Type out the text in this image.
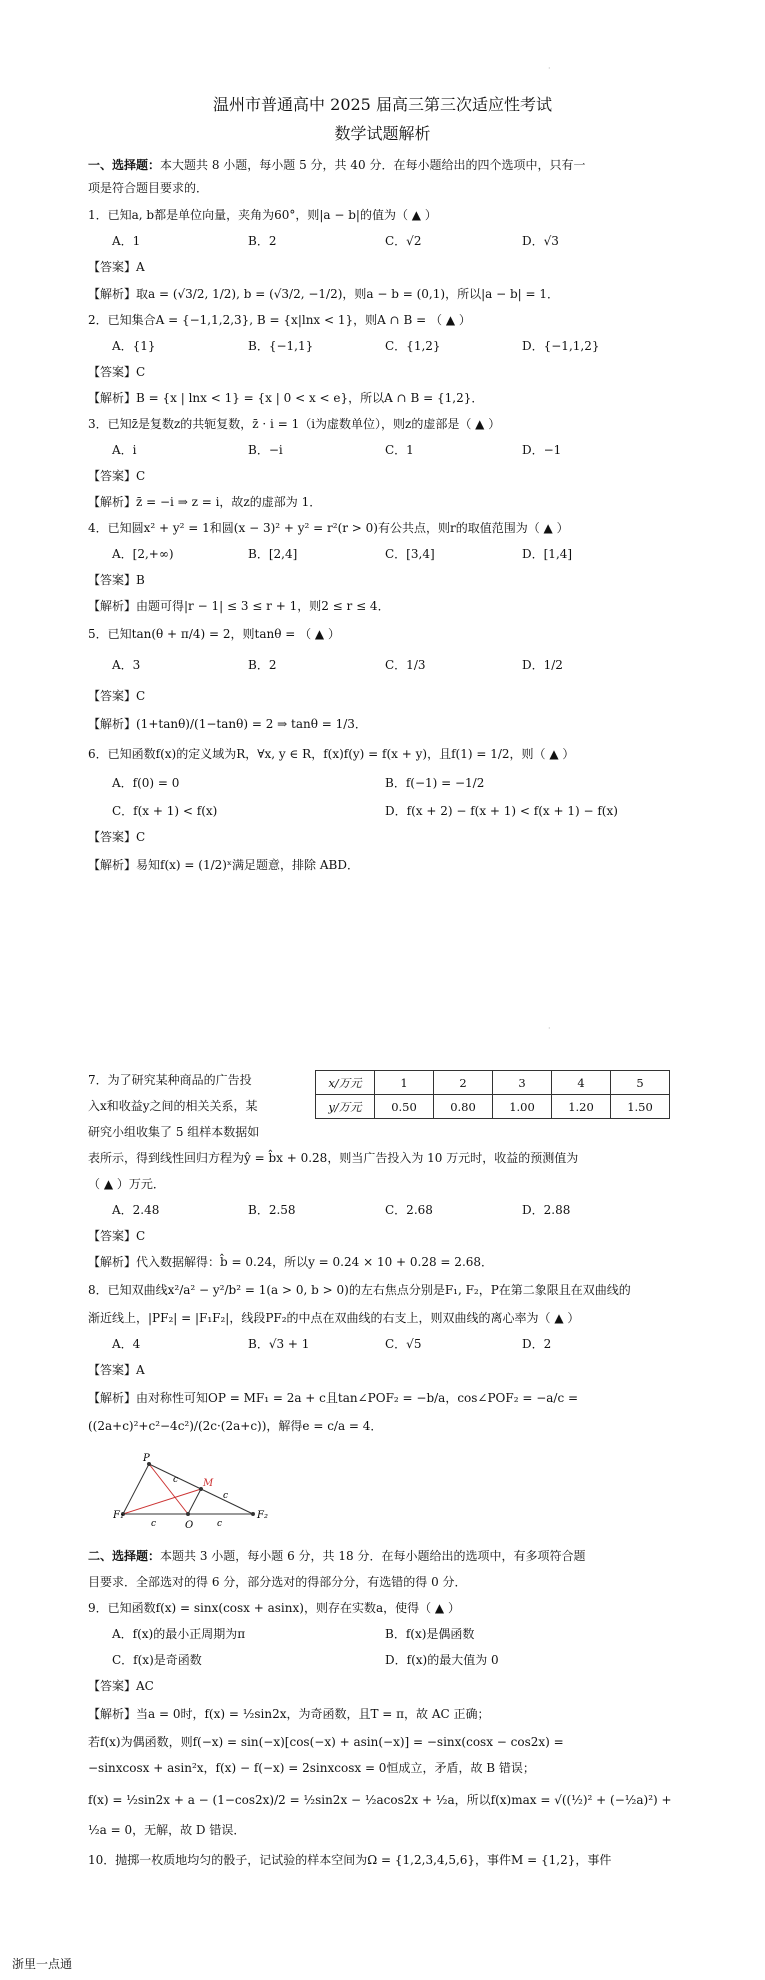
·
温州市普通高中 2025 届高三第三次适应性考试
数学试题解析
一、选择题：本大题共 8 小题，每小题 5 分，共 40 分．在每小题给出的四个选项中，只有一
项是符合题目要求的．
1．已知a, b都是单位向量，夹角为60°，则|a − b|的值为（ ▲ ）
A．1	B．2	C．√2	D．√3
【答案】A
【解析】取a = (√3/2, 1/2), b = (√3/2, −1/2)，则a − b = (0,1)，所以|a − b| = 1．
2．已知集合A = {−1,1,2,3}, B = {x|lnx < 1}，则A ∩ B = （ ▲ ）
A．{1}	B．{−1,1}	C．{1,2}	D．{−1,1,2}
【答案】C
【解析】B = {x | lnx < 1} = {x | 0 < x < e}，所以A ∩ B = {1,2}．
3．已知z̄是复数z的共轭复数，z̄ · i = 1（i为虚数单位），则z的虚部是（ ▲ ）
A．i	B．−i	C．1	D．−1
【答案】C
【解析】z̄ = −i ⇒ z = i，故z的虚部为 1．
4．已知圆x² + y² = 1和圆(x − 3)² + y² = r²(r > 0)有公共点，则r的取值范围为（ ▲ ）
A．[2,+∞)	B．[2,4]	C．[3,4]	D．[1,4]
【答案】B
【解析】由题可得|r − 1| ≤ 3 ≤ r + 1，则2 ≤ r ≤ 4．
5．已知tan(θ + π/4) = 2，则tanθ = （ ▲ ）
A．3	B．2	C．1/3	D．1/2
【答案】C
【解析】(1+tanθ)/(1−tanθ) = 2 ⇒ tanθ = 1/3．
6．已知函数f(x)的定义域为R，∀x, y ∈ R，f(x)f(y) = f(x + y)，且f(1) = 1/2，则（ ▲ ）
A．f(0) = 0	B．f(−1) = −1/2
C．f(x + 1) < f(x)	D．f(x + 2) − f(x + 1) < f(x + 1) − f(x)
【答案】C
【解析】易知f(x) = (1/2)ˣ满足题意，排除 ABD．
·
7．为了研究某种商品的广告投
入x和收益y之间的相关关系，某
研究小组收集了 5 组样本数据如
x/万元	1	2	3	4	5
y/万元	0.50	0.80	1.00	1.20	1.50
表所示，得到线性回归方程为ŷ = b̂x + 0.28，则当广告投入为 10 万元时，收益的预测值为
（ ▲ ）万元．
A．2.48	B．2.58	C．2.68	D．2.88
【答案】C
【解析】代入数据解得：b̂ = 0.24，所以y = 0.24 × 10 + 0.28 = 2.68．
8．已知双曲线x²/a² − y²/b² = 1(a > 0, b > 0)的左右焦点分别是F₁, F₂，P在第二象限且在双曲线的
渐近线上，|PF₂| = |F₁F₂|，线段PF₂的中点在双曲线的右支上，则双曲线的离心率为（ ▲ ）
A．4	B．√3 + 1	C．√5	D．2
【答案】A
【解析】由对称性可知OP = MF₁ = 2a + c且tan∠POF₂ = −b/a，cos∠POF₂ = −a/c =
((2a+c)²+c²−4c²)/(2c·(2a+c))，解得e = c/a = 4．
P
M
F₁
O
F₂
c
c
c	c
二、选择题：本题共 3 小题，每小题 6 分，共 18 分．在每小题给出的选项中，有多项符合题
目要求．全部选对的得 6 分，部分选对的得部分分，有选错的得 0 分．
9．已知函数f(x) = sinx(cosx + asinx)，则存在实数a，使得（ ▲ ）
A．f(x)的最小正周期为π	B．f(x)是偶函数
C．f(x)是奇函数	D．f(x)的最大值为 0
【答案】AC
【解析】当a = 0时，f(x) = ½sin2x，为奇函数，且T = π，故 AC 正确；
若f(x)为偶函数，则f(−x) = sin(−x)[cos(−x) + asin(−x)] = −sinx(cosx − cos2x) =
−sinxcosx + asin²x，f(x) − f(−x) = 2sinxcosx = 0恒成立，矛盾，故 B 错误；
f(x) = ½sin2x + a − (1−cos2x)/2 = ½sin2x − ½acos2x + ½a，所以f(x)max = √((½)² + (−½a)²) +
½a = 0，无解，故 D 错误．
10．抛掷一枚质地均匀的骰子，记试验的样本空间为Ω = {1,2,3,4,5,6}，事件M = {1,2}，事件
浙里一点通
